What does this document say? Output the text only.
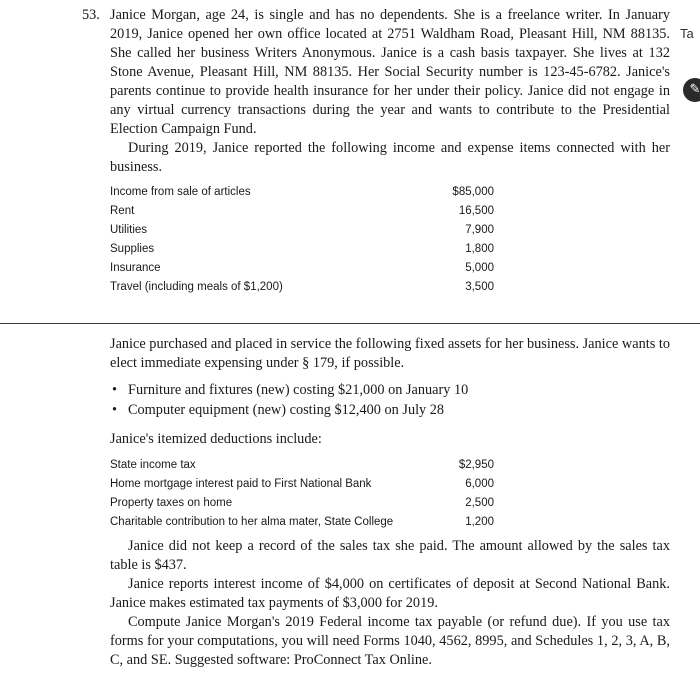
53. Janice Morgan, age 24, is single and has no dependents. She is a freelance writer. In January 2019, Janice opened her own office located at 2751 Waldham Road, Pleasant Hill, NM 88135. She called her business Writers Anonymous. Janice is a cash basis taxpayer. She lives at 132 Stone Avenue, Pleasant Hill, NM 88135. Her Social Security number is 123-45-6782. Janice's parents continue to provide health insurance for her under their policy. Janice did not engage in any virtual currency transactions during the year and wants to contribute to the Presidential Election Campaign Fund.

During 2019, Janice reported the following income and expense items connected with her business.

Income from sale of articles	$85,000
Rent	16,500
Utilities	7,900
Supplies	1,800
Insurance	5,000
Travel (including meals of $1,200)	3,500

Janice purchased and placed in service the following fixed assets for her business. Janice wants to elect immediate expensing under § 179, if possible.

• Furniture and fixtures (new) costing $21,000 on January 10
• Computer equipment (new) costing $12,400 on July 28
Janice's itemized deductions include:
State income tax	$2,950
Home mortgage interest paid to First National Bank	6,000
Property taxes on home	2,500
Charitable contribution to her alma mater, State College	1,200

Janice did not keep a record of the sales tax she paid. The amount allowed by the sales tax table is $437.

Janice reports interest income of $4,000 on certificates of deposit at Second National Bank. Janice makes estimated tax payments of $3,000 for 2019.

Compute Janice Morgan's 2019 Federal income tax payable (or refund due). If you use tax forms for your computations, you will need Forms 1040, 4562, 8995, and Schedules 1, 2, 3, A, B, C, and SE. Suggested software: ProConnect Tax Online.

Ta
✎
